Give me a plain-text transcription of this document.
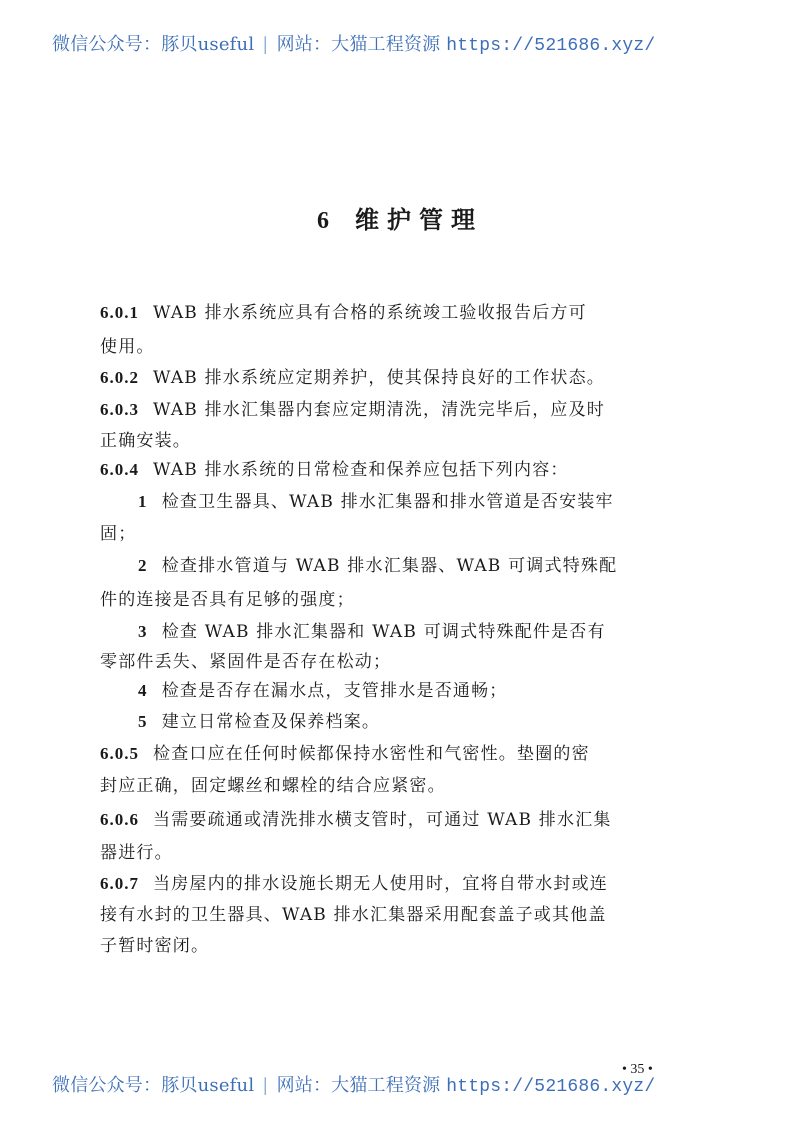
微信公众号：豚贝useful | 网站：大猫工程资源 https://521686.xyz/
6 维护管理
6.0.1 WAB 排水系统应具有合格的系统竣工验收报告后方可
使用。
6.0.2 WAB 排水系统应定期养护，使其保持良好的工作状态。
6.0.3 WAB 排水汇集器内套应定期清洗，清洗完毕后，应及时
正确安装。
6.0.4 WAB 排水系统的日常检查和保养应包括下列内容：
1 检查卫生器具、WAB 排水汇集器和排水管道是否安装牢
固；
2 检查排水管道与 WAB 排水汇集器、WAB 可调式特殊配
件的连接是否具有足够的强度；
3 检查 WAB 排水汇集器和 WAB 可调式特殊配件是否有
零部件丢失、紧固件是否存在松动；
4 检查是否存在漏水点，支管排水是否通畅；
5 建立日常检查及保养档案。
6.0.5 检查口应在任何时候都保持水密性和气密性。垫圈的密
封应正确，固定螺丝和螺栓的结合应紧密。
6.0.6 当需要疏通或清洗排水横支管时，可通过 WAB 排水汇集
器进行。
6.0.7 当房屋内的排水设施长期无人使用时，宜将自带水封或连
接有水封的卫生器具、WAB 排水汇集器采用配套盖子或其他盖
子暂时密闭。
• 35 •
微信公众号：豚贝useful | 网站：大猫工程资源 https://521686.xyz/
